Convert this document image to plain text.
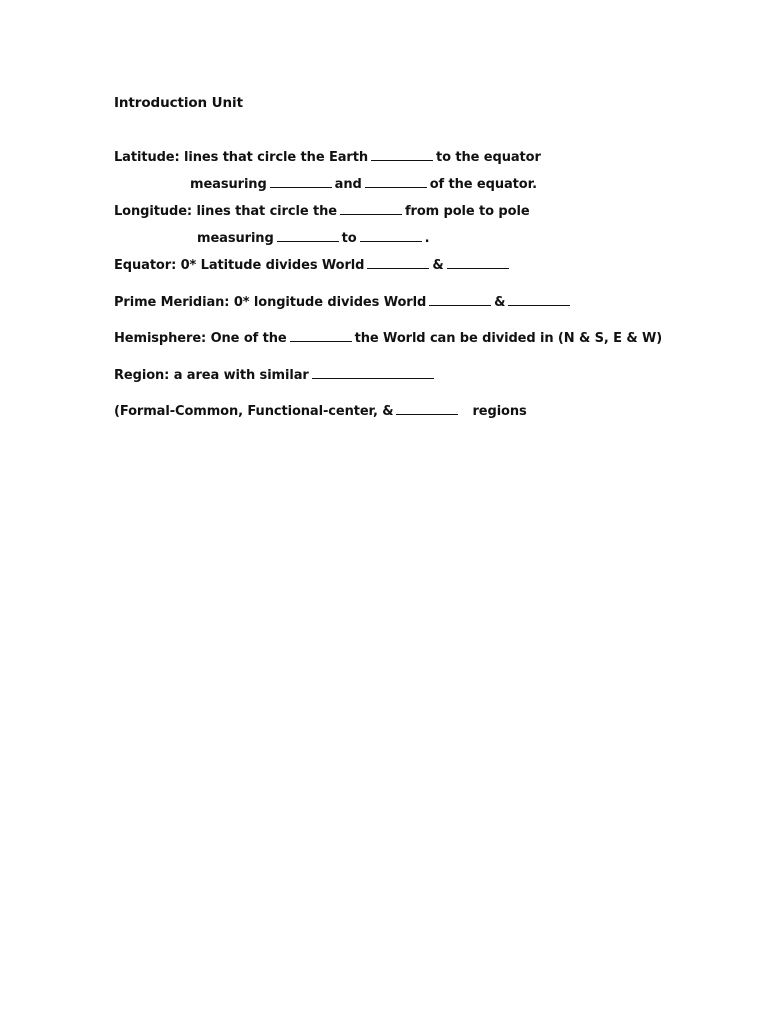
Introduction Unit
Latitude: lines that circle the Earth	to the equator
measuring	and	of the equator.
Longitude: lines that circle the	from pole to pole
measuring	to	.
Equator: 0* Latitude divides World	&
Prime Meridian: 0* longitude divides World	&
Hemisphere: One of the	the World can be divided in (N & S, E & W)
Region: a area with similar
(Formal-Common, Functional-center, &	regions
